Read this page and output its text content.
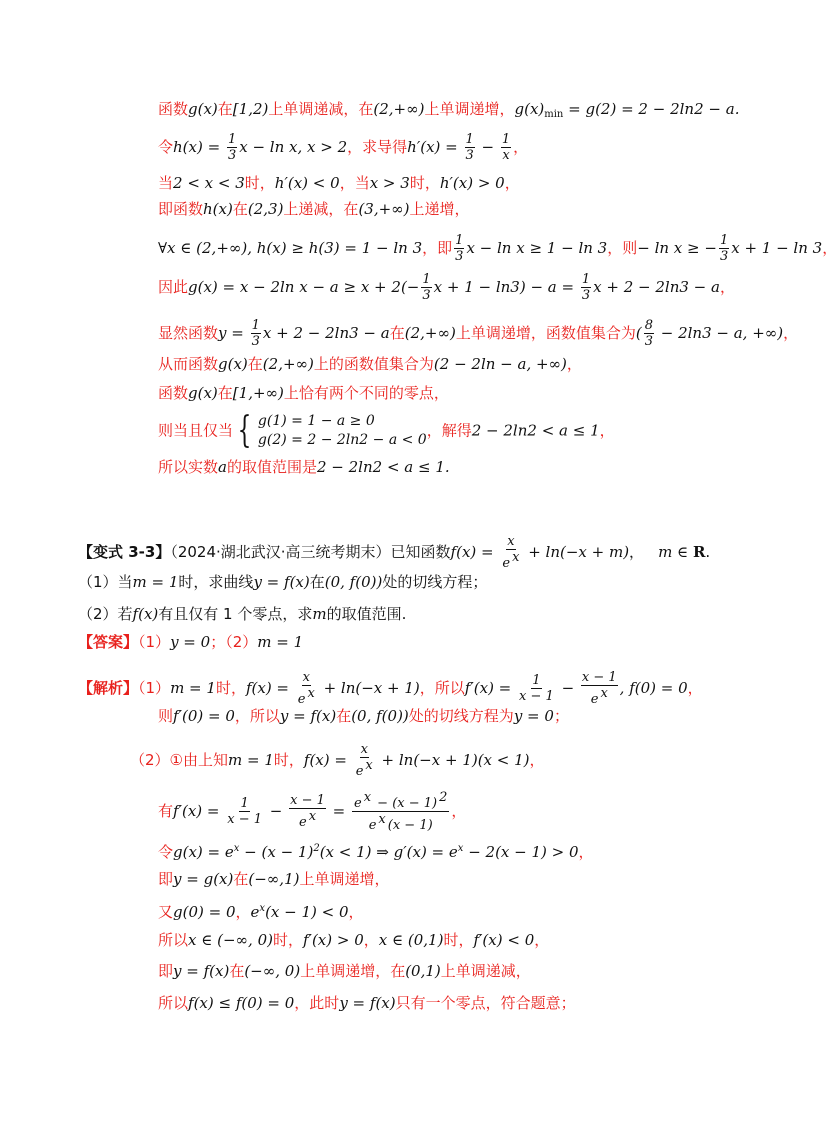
函数g(x)在[1,2)上单调递减，在(2,+∞)上单调递增，$g(x)_{min} = g(2) = 2 - 2\ln 2 - a$.
令$h(x) = \frac{1}{3}$ x − ln x, x > 2，求导得$h'(x) = \frac{1}{3} - \frac{1}{x}$ ，
当2 < x < 3时，h′(x) < 0，当x > 3时，h′(x) > 0，
即函数h(x)在(2,3)上递减，在(3,+∞)上递增，
∀x ∈ (2,+∞), h(x) ≥ h(3) = 1 − ln 3，即 $\frac{1}{3}$ x − ln x ≥ 1 − ln 3，则− ln x ≥ − $\frac{1}{3}$ x + 1 − ln 3，
因此g(x) = x − 2ln $x - a \ge x + 2(- \frac{1}{3}$ $x + 1 - \ln 3) - a = \frac{1}{3}$ x + 2 − 2ln3 − a，
显然函数$y = \frac{1}{3}$ x + 2 − 2ln3 − a在(2,+∞)上单调递增，函数值集合为( $\frac{8}{3} - 2\ln 3 - a$, +∞)，
从而函数g(x)在(2,+∞)上的函数值集合为(2 − 2ln − a, +∞)，
函数g(x)在[1,+∞)上恰有两个不同的零点，
则当且仅当 { g(1) = 1 − a ≥ 0
g(2) = 2 − 2ln2 − a < 0
，解得2 − 2ln2 < a ≤ 1，
所以实数a的取值范围是2 − 2ln2 < a ≤ 1.
【变式 3-3】（2024·湖北武汉·高三统考期末）已知函数$f(x) = \frac{x}{\text{e x}} + \ln(-x + m)$， m ∈ R.
（1）当m = 1时，求曲线y = f(x)在(0, f(0))处的切线方程；
（2）若f(x)有且仅有 1 个零点，求m的取值范围.
【答案】（1）y = 0；（2）m = 1
【解析】（1）m = 1时，$f(x) = \frac{x}{\text{e x}} + \ln(-x + 1)$，所以$f'(x) = \frac{1}{x - 1} - \frac{x - 1}{\text{e x}}$ , f(0) = 0，
则f′(0) = 0，所以y = f(x)在(0, f(0))处的切线方程为y = 0；
（2）①由上知m = 1时，$f(x) = \frac{x}{\text{e x}} + \ln(-x + 1)(x < 1)$，
有$f'(x) = \frac{1}{x - 1} - \frac{x - 1}{\text{e x}} = \frac{\text{e x − (x − 1) 2}}{\text{e x (x − 1)}}$ ，
令$g(x) = e^x - (x - 1)^2(x < 1)$ ⇒ $g'(x) = e^x - 2(x - 1) > 0$，
即y = g(x)在(−∞,1)上单调递增，
又g(0) = 0，$e^x(x - 1) < 0$，
所以x ∈ (−∞, 0)时，f′(x) > 0，x ∈ (0,1)时，f′(x) < 0，
即y = f(x)在(−∞, 0)上单调递增，在(0,1)上单调递减，
所以f(x) ≤ f(0) = 0，此时y = f(x)只有一个零点，符合题意；
